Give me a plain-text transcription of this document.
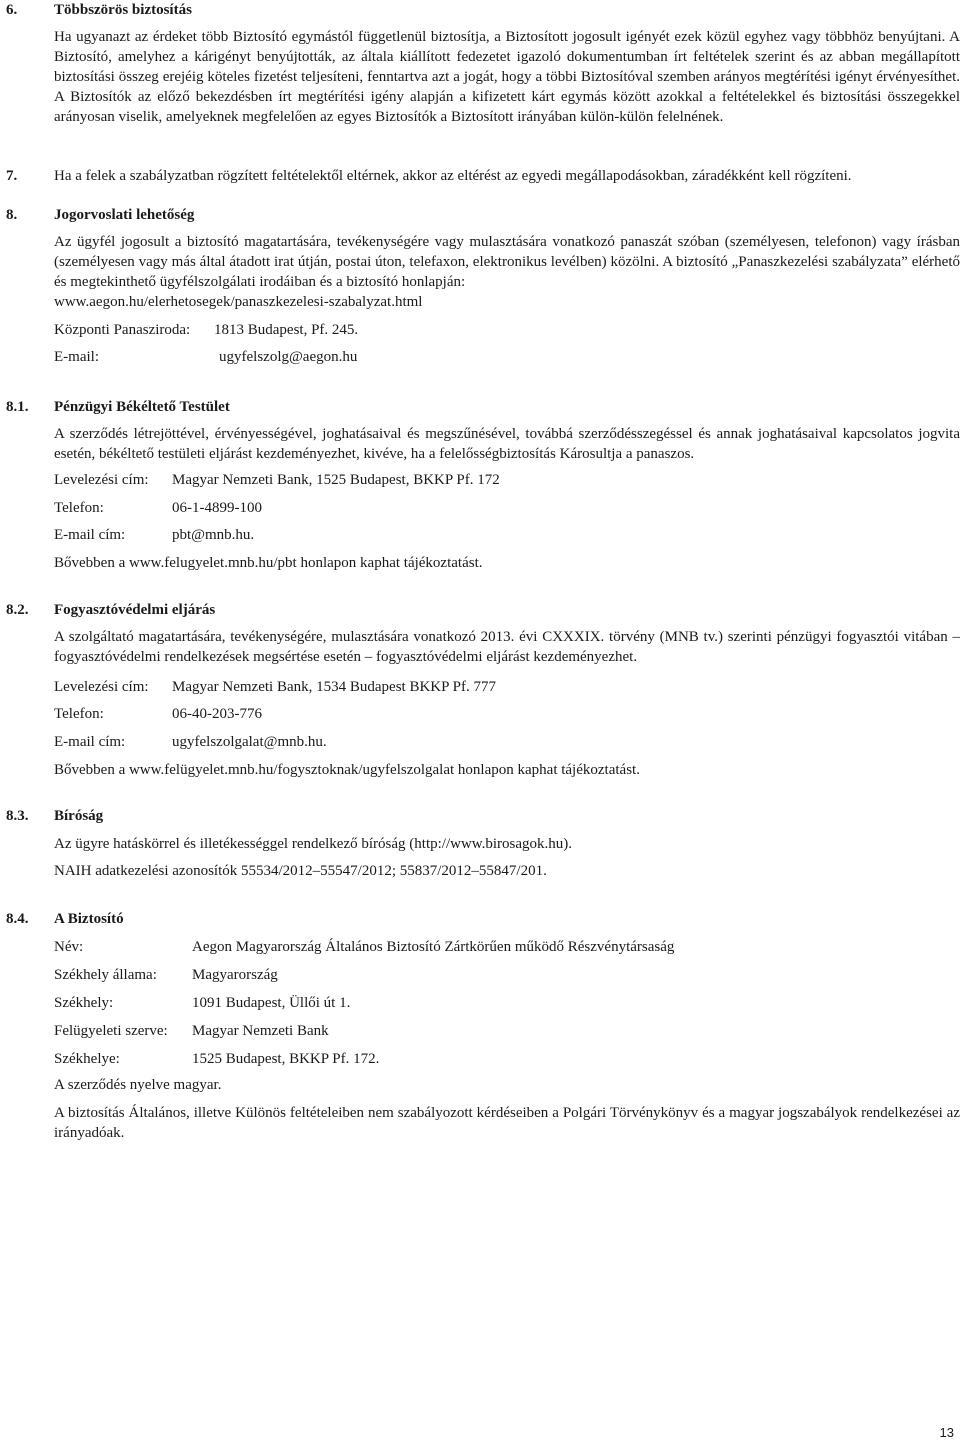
6. Többszörös biztosítás

Ha ugyanazt az érdeket több Biztosító egymástól függetlenül biztosítja, a Biztosított jogosult igényét ezek közül egyhez vagy többhöz benyújtani. A Biztosító, amelyhez a kárigényt benyújtották, az általa kiállított fedezetet igazoló dokumentumban írt feltételek szerint és az abban megállapított biztosítási összeg erejéig köteles fizetést teljesíteni, fenntartva azt a jogát, hogy a többi Biztosítóval szemben arányos megtérítési igényt érvényesíthet. A Biztosítók az előző bekezdésben írt megtérítési igény alapján a kifizetett kárt egymás között azokkal a feltételekkel és biztosítási összegekkel arányosan viselik, amelyeknek megfelelően az egyes Biztosítók a Biztosított irányában külön-külön felelnének.

7. Ha a felek a szabályzatban rögzített feltételektől eltérnek, akkor az eltérést az egyedi megállapodásokban, záradékként kell rögzíteni.

8. Jogorvoslati lehetőség

Az ügyfél jogosult a biztosító magatartására, tevékenységére vagy mulasztására vonatkozó panaszát szóban (személyesen, telefonon) vagy írásban (személyesen vagy más által átadott irat útján, postai úton, telefaxon, elektronikus levélben) közölni. A biztosító „Panaszkezelési szabályzata” elérhető és megtekinthető ügyfélszolgálati irodáiban és a biztosító honlapján:

www.aegon.hu/elerhetosegek/panaszkezelesi-szabalyzat.html

Központi Panasziroda: 1813 Budapest, Pf. 245.
E-mail:	ugyfelszolg@aegon.hu
8.1. Pénzügyi Békéltető Testület

A szerződés létrejöttével, érvényességével, joghatásaival és megszűnésével, továbbá szerződésszegéssel és annak joghatásaival kapcsolatos jogvita esetén, békéltető testületi eljárást kezdeményezhet, kivéve, ha a felelősségbiztosítás Károsultja a panaszos.

Levelezési cím: Magyar Nemzeti Bank, 1525 Budapest, BKKP Pf. 172
Telefon:	06-1-4899-100
E-mail cím:	pbt@mnb.hu.
Bővebben a www.felugyelet.mnb.hu/pbt honlapon kaphat tájékoztatást.
8.2. Fogyasztóvédelmi eljárás

A szolgáltató magatartására, tevékenységére, mulasztására vonatkozó 2013. évi CXXXIX. törvény (MNB tv.) szerinti pénzügyi fogyasztói vitában – fogyasztóvédelmi rendelkezések megsértése esetén – fogyasztóvédelmi eljárást kezdeményezhet.

Levelezési cím: Magyar Nemzeti Bank, 1534 Budapest BKKP Pf. 777
Telefon:	06-40-203-776
E-mail cím:	ugyfelszolgalat@mnb.hu.
Bővebben a www.felügyelet.mnb.hu/fogysztoknak/ugyfelszolgalat honlapon kaphat tájékoztatást.
8.3. Bíróság
Az ügyre hatáskörrel és illetékességgel rendelkező bíróság (http://www.birosagok.hu).
NAIH adatkezelési azonosítók 55534/2012–55547/2012; 55837/2012–55847/201.
8.4. A Biztosító
Név:	Aegon Magyarország Általános Biztosító Zártkörűen működő Részvénytársaság
Székhely állama: Magyarország
Székhely:	1091 Budapest, Üllői út 1.
Felügyeleti szerve: Magyar Nemzeti Bank
Székhelye:	1525 Budapest, BKKP Pf. 172.
A szerződés nyelve magyar.

A biztosítás Általános, illetve Különös feltételeiben nem szabályozott kérdéseiben a Polgári Törvénykönyv és a magyar jogszabályok rendelkezései az irányadóak.

13
